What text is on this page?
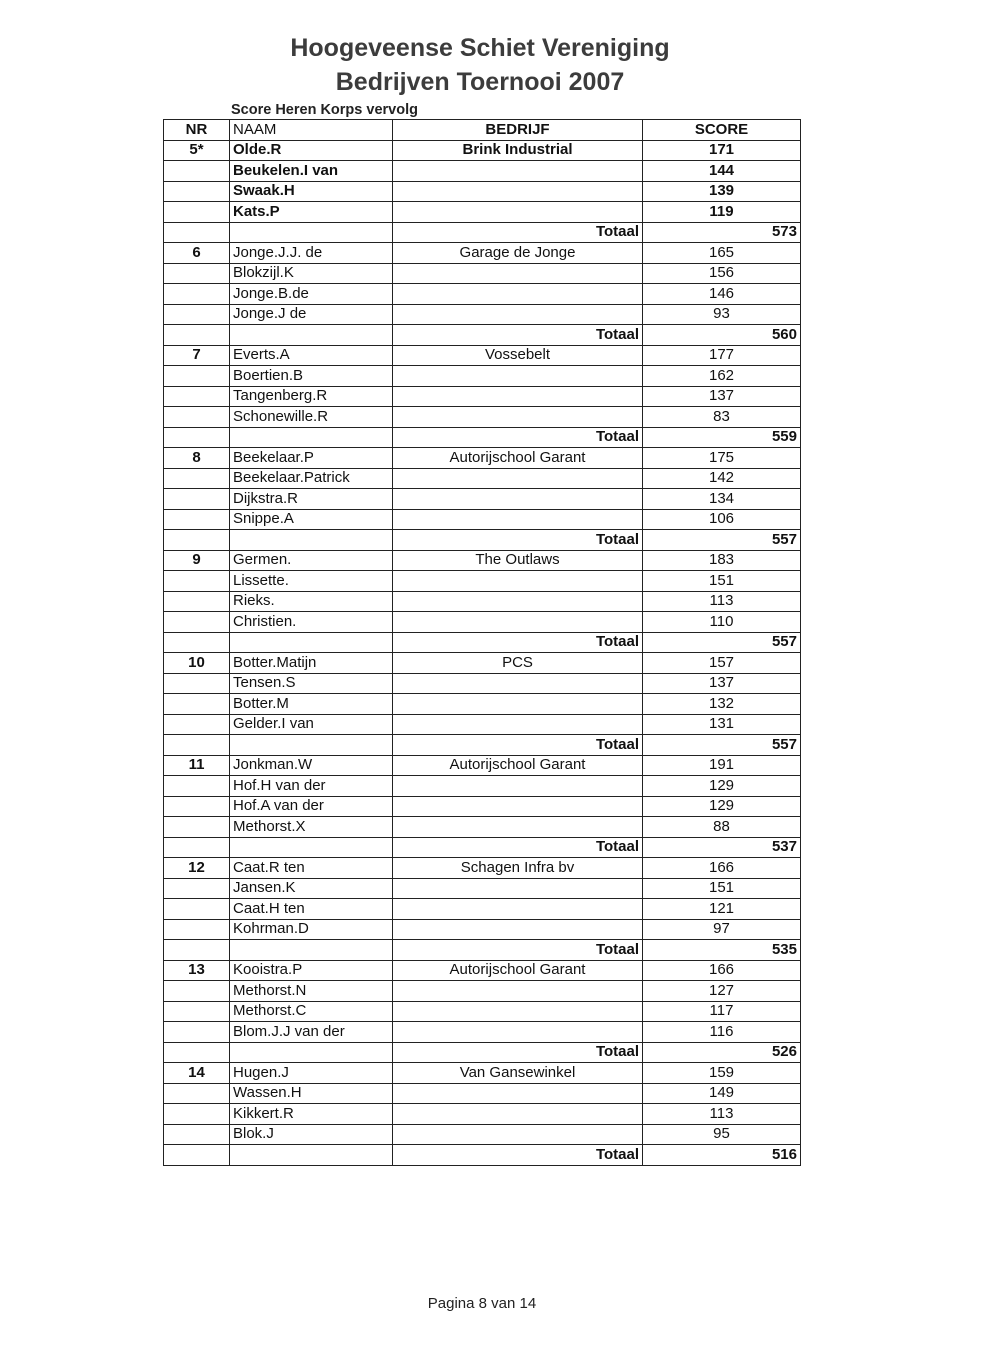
Hoogeveense Schiet Vereniging
Bedrijven Toernooi 2007
Score Heren Korps vervolg
NR	NAAM	BEDRIJF	SCORE
5*	Olde.R	Brink Industrial	171
	Beukelen.I van		144
	Swaak.H		139
	Kats.P		119
		Totaal	573
6	Jonge.J.J. de	Garage de Jonge	165
	Blokzijl.K		156
	Jonge.B.de		146
	Jonge.J de		93
		Totaal	560
7	Everts.A	Vossebelt	177
	Boertien.B		162
	Tangenberg.R		137
	Schonewille.R		83
		Totaal	559
8	Beekelaar.P	Autorijschool Garant	175
	Beekelaar.Patrick		142
	Dijkstra.R		134
	Snippe.A		106
		Totaal	557
9	Germen.	The Outlaws	183
	Lissette.		151
	Rieks.		113
	Christien.		110
		Totaal	557
10	Botter.Matijn	PCS	157
	Tensen.S		137
	Botter.M		132
	Gelder.I van		131
		Totaal	557
11	Jonkman.W	Autorijschool Garant	191
	Hof.H van der		129
	Hof.A van der		129
	Methorst.X		88
		Totaal	537
12	Caat.R ten	Schagen Infra bv	166
	Jansen.K		151
	Caat.H ten		121
	Kohrman.D		97
		Totaal	535
13	Kooistra.P	Autorijschool Garant	166
	Methorst.N		127
	Methorst.C		117
	Blom.J.J van der		116
		Totaal	526
14	Hugen.J	Van Gansewinkel	159
	Wassen.H		149
	Kikkert.R		113
	Blok.J		95
		Totaal	516
Pagina 8 van 14
